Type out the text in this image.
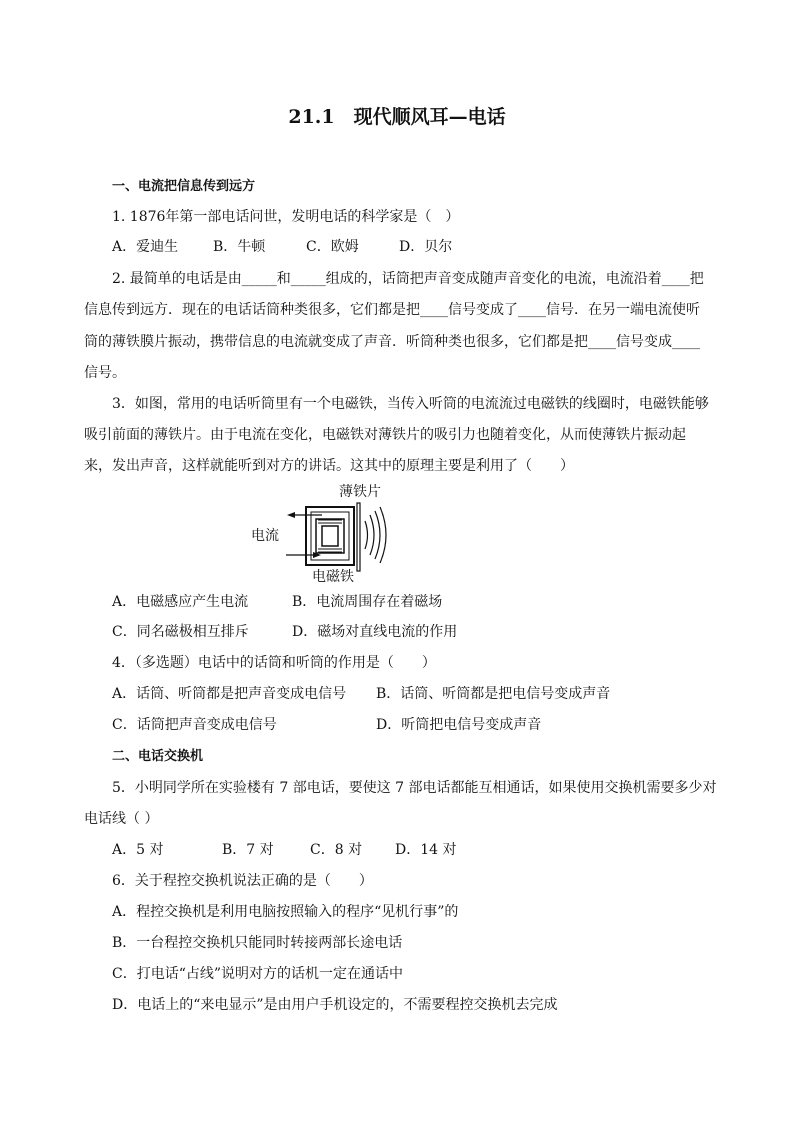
21.1　现代顺风耳—电话
一、电流把信息传到远方
1. 1876年第一部电话问世，发明电话的科学家是（　）
A．爱迪生 B．牛顿	C．欧姆	D．贝尔
2. 最简单的电话是由_____和_____组成的，话筒把声音变成随声音变化的电流，电流沿着____把
信息传到远方．现在的电话话筒种类很多，它们都是把____信号变成了____信号．在另一端电流使听
筒的薄铁膜片振动，携带信息的电流就变成了声音．听筒种类也很多，它们都是把____信号变成____
信号。
3．如图，常用的电话听筒里有一个电磁铁，当传入听筒的电流流过电磁铁的线圈时，电磁铁能够
吸引前面的薄铁片。由于电流在变化，电磁铁对薄铁片的吸引力也随着变化，从而使薄铁片振动起
来，发出声音，这样就能听到对方的讲话。这其中的原理主要是利用了（　　）
薄铁片
电流
电磁铁
A．电磁感应产生电流	B．电流周围存在着磁场
C．同名磁极相互排斥	D．磁场对直线电流的作用
4．（多选题）电话中的话筒和听筒的作用是（　　）
A．话筒、听筒都是把声音变成电信号 B．话筒、听筒都是把电信号变成声音
C．话筒把声音变成电信号	D．听筒把电信号变成声音
二、电话交换机
5．小明同学所在实验楼有 7 部电话，要使这 7 部电话都能互相通话，如果使用交换机需要多少对
电话线（ ）
A．5 对	B．7 对	C．8 对 D．14 对
6．关于程控交换机说法正确的是（　　）
A．程控交换机是利用电脑按照输入的程序“见机行事”的
B．一台程控交换机只能同时转接两部长途电话
C．打电话“占线”说明对方的话机一定在通话中
D．电话上的“来电显示”是由用户手机设定的，不需要程控交换机去完成
